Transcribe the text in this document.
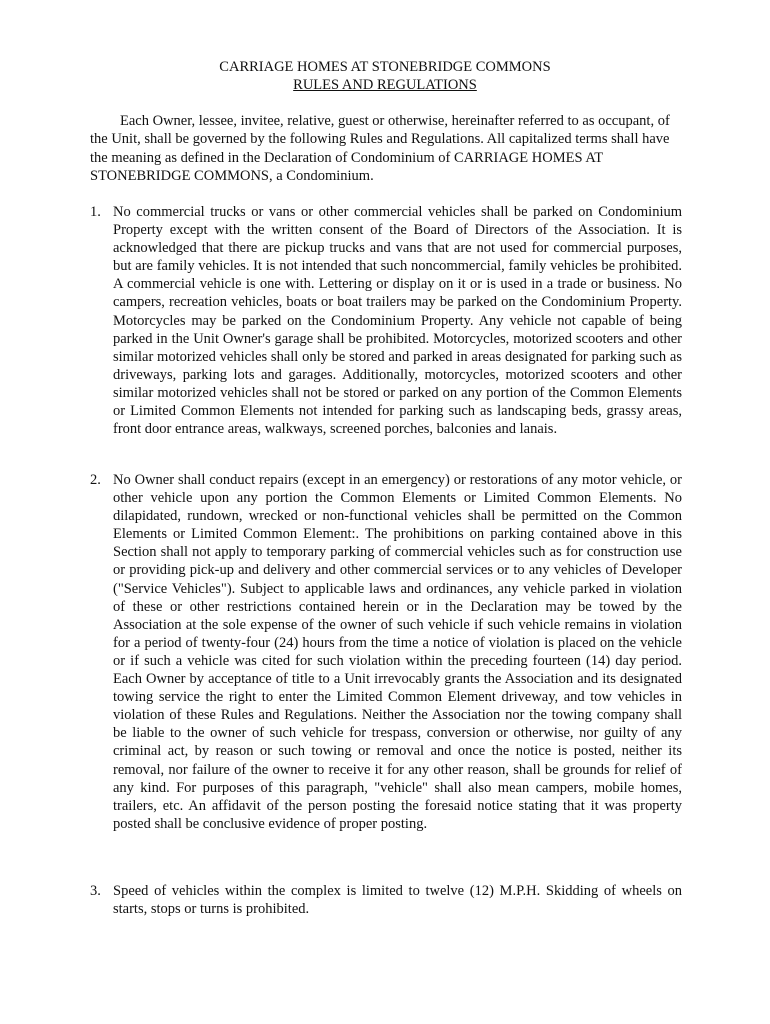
CARRIAGE HOMES AT STONEBRIDGE COMMONS
RULES AND REGULATIONS

Each Owner, lessee, invitee, relative, guest or otherwise, hereinafter referred to as occupant, of the Unit, shall be governed by the following Rules and Regulations. All capitalized terms shall have the meaning as defined in the Declaration of Condominium of CARRIAGE HOMES AT STONEBRIDGE COMMONS, a Condominium.

1. No commercial trucks or vans or other commercial vehicles shall be parked on Condominium Property except with the written consent of the Board of Directors of the Association. It is acknowledged that there are pickup trucks and vans that are not used for commercial purposes, but are family vehicles. It is not intended that such noncommercial, family vehicles be prohibited. A commercial vehicle is one with. Lettering or display on it or is used in a trade or business. No campers, recreation vehicles, boats or boat trailers may be parked on the Condominium Property. Motorcycles may be parked on the Condominium Property. Any vehicle not capable of being parked in the Unit Owner's garage shall be prohibited. Motorcycles, motorized scooters and other similar motorized vehicles shall only be stored and parked in areas designated for parking such as driveways, parking lots and garages. Additionally, motorcycles, motorized scooters and other similar motorized vehicles shall not be stored or parked on any portion of the Common Elements or Limited Common Elements not intended for parking such as landscaping beds, grassy areas, front door entrance areas, walkways, screened porches, balconies and lanais.
2. No Owner shall conduct repairs (except in an emergency) or restorations of any motor vehicle, or other vehicle upon any portion the Common Elements or Limited Common Elements. No dilapidated, rundown, wrecked or non-functional vehicles shall be permitted on the Common Elements or Limited Common Element:. The prohibitions on parking contained above in this Section shall not apply to temporary parking of commercial vehicles such as for construction use or providing pick-up and delivery and other commercial services or to any vehicles of Developer ("Service Vehicles"). Subject to applicable laws and ordinances, any vehicle parked in violation of these or other restrictions contained herein or in the Declaration may be towed by the Association at the sole expense of the owner of such vehicle if such vehicle remains in violation for a period of twenty-four (24) hours from the time a notice of violation is placed on the vehicle or if such a vehicle was cited for such violation within the preceding fourteen (14) day period. Each Owner by acceptance of title to a Unit irrevocably grants the Association and its designated towing service the right to enter the Limited Common Element driveway, and tow vehicles in violation of these Rules and Regulations. Neither the Association nor the towing company shall be liable to the owner of such vehicle for trespass, conversion or otherwise, nor guilty of any criminal act, by reason or such towing or removal and once the notice is posted, neither its removal, nor failure of the owner to receive it for any other reason, shall be grounds for relief of any kind. For purposes of this paragraph, "vehicle" shall also mean campers, mobile homes, trailers, etc. An affidavit of the person posting the foresaid notice stating that it was property posted shall be conclusive evidence of proper posting.
3. Speed of vehicles within the complex is limited to twelve (12) M.P.H. Skidding of wheels on starts, stops or turns is prohibited.
